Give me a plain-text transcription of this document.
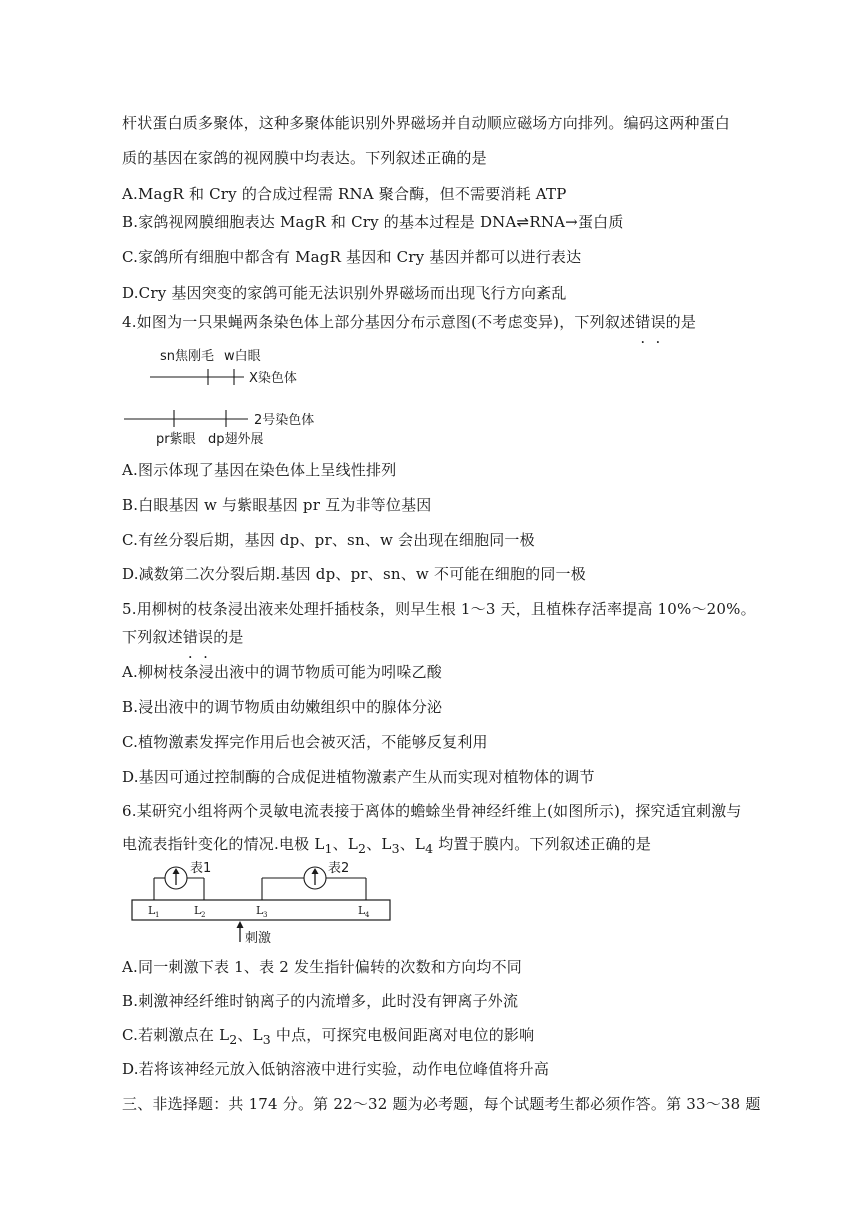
杆状蛋白质多聚体，这种多聚体能识别外界磁场并自动顺应磁场方向排列。编码这两种蛋白
质的基因在家鸽的视网膜中均表达。下列叙述正确的是
A.MagR 和 Cry 的合成过程需 RNA 聚合酶，但不需要消耗 ATP
B.家鸽视网膜细胞表达 MagR 和 Cry 的基本过程是 DNA⇌RNA→蛋白质
C.家鸽所有细胞中都含有 MagR 基因和 Cry 基因并都可以进行表达
D.Cry 基因突变的家鸽可能无法识别外界磁场而出现飞行方向紊乱
4.如图为一只果蝇两条染色体上部分基因分布示意图(不考虑变异)，下列叙述错误的是
sn焦刚毛 w白眼
X染色体
2号染色体
pr紫眼 dp翅外展
A.图示体现了基因在染色体上呈线性排列
B.白眼基因 w 与紫眼基因 pr 互为非等位基因
C.有丝分裂后期，基因 dp、pr、sn、w 会出现在细胞同一极
D.减数第二次分裂后期.基因 dp、pr、sn、w 不可能在细胞的同一极
5.用柳树的枝条浸出液来处理扦插枝条，则早生根 1～3 天，且植株存活率提高 10%～20%。
下列叙述错误的是
A.柳树枝条浸出液中的调节物质可能为吲哚乙酸
B.浸出液中的调节物质由幼嫩组织中的腺体分泌
C.植物激素发挥完作用后也会被灭活，不能够反复利用
D.基因可通过控制酶的合成促进植物激素产生从而实现对植物体的调节
6.某研究小组将两个灵敏电流表接于离体的蟾蜍坐骨神经纤维上(如图所示)，探究适宜刺激与
电流表指针变化的情况.电极 $L_1$、$L_2$、$L_3$、$L_4$ 均置于膜内。下列叙述正确的是
表1	表2
L 1	L 2	L 3	L 4
刺激
A.同一刺激下表 1、表 2 发生指针偏转的次数和方向均不同
B.刺激神经纤维时钠离子的内流增多，此时没有钾离子外流
C.若刺激点在 $L_2$、$L_3$ 中点，可探究电极间距离对电位的影响
D.若将该神经元放入低钠溶液中进行实验，动作电位峰值将升高
三、非选择题：共 174 分。第 22～32 题为必考题，每个试题考生都必须作答。第 33～38 题
